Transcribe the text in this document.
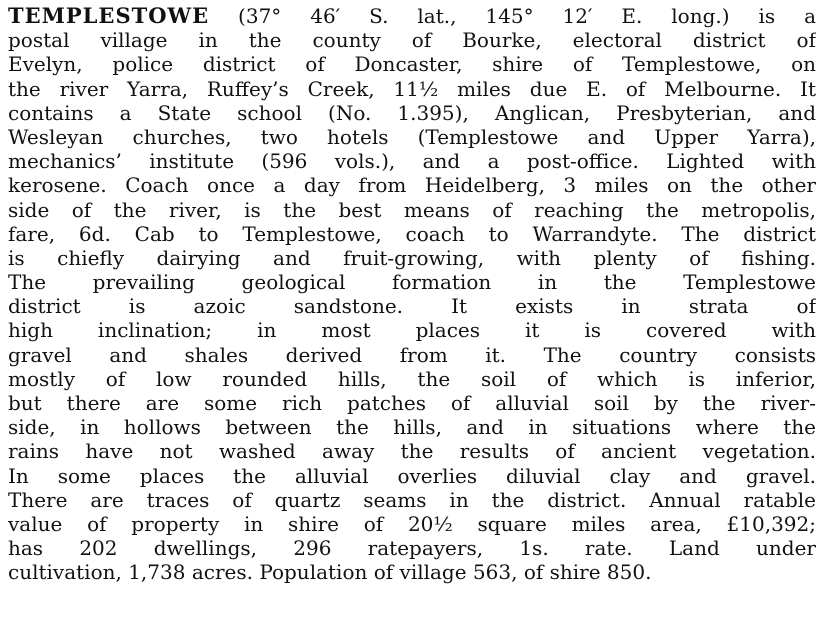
TEMPLESTOWE (37° 46′ S. lat., 145° 12′ E. long.) is a
postal village in the county of Bourke, electoral district of
Evelyn, police district of Doncaster, shire of Templestowe, on
the river Yarra, Ruffey’s Creek, 11½ miles due E. of Melbourne. It
contains a State school (No. 1.395), Anglican, Presbyterian, and
Wesleyan churches, two hotels (Templestowe and Upper Yarra),
mechanics’ institute (596 vols.), and a post-office. Lighted with
kerosene. Coach once a day from Heidelberg, 3 miles on the other
side of the river, is the best means of reaching the metropolis,
fare, 6d. Cab to Templestowe, coach to Warrandyte. The district
is chiefly dairying and fruit-growing, with plenty of fishing.
The prevailing geological formation in the Templestowe
district is azoic sandstone. It exists in strata of
high inclination; in most places it is covered with
gravel and shales derived from it. The country consists
mostly of low rounded hills, the soil of which is inferior,
but there are some rich patches of alluvial soil by the river-
side, in hollows between the hills, and in situations where the
rains have not washed away the results of ancient vegetation.
In some places the alluvial overlies diluvial clay and gravel.
There are traces of quartz seams in the district. Annual ratable
value of property in shire of 20½ square miles area, £10,392;
has 202 dwellings, 296 ratepayers, 1s. rate. Land under
cultivation, 1,738 acres. Population of village 563, of shire 850.
